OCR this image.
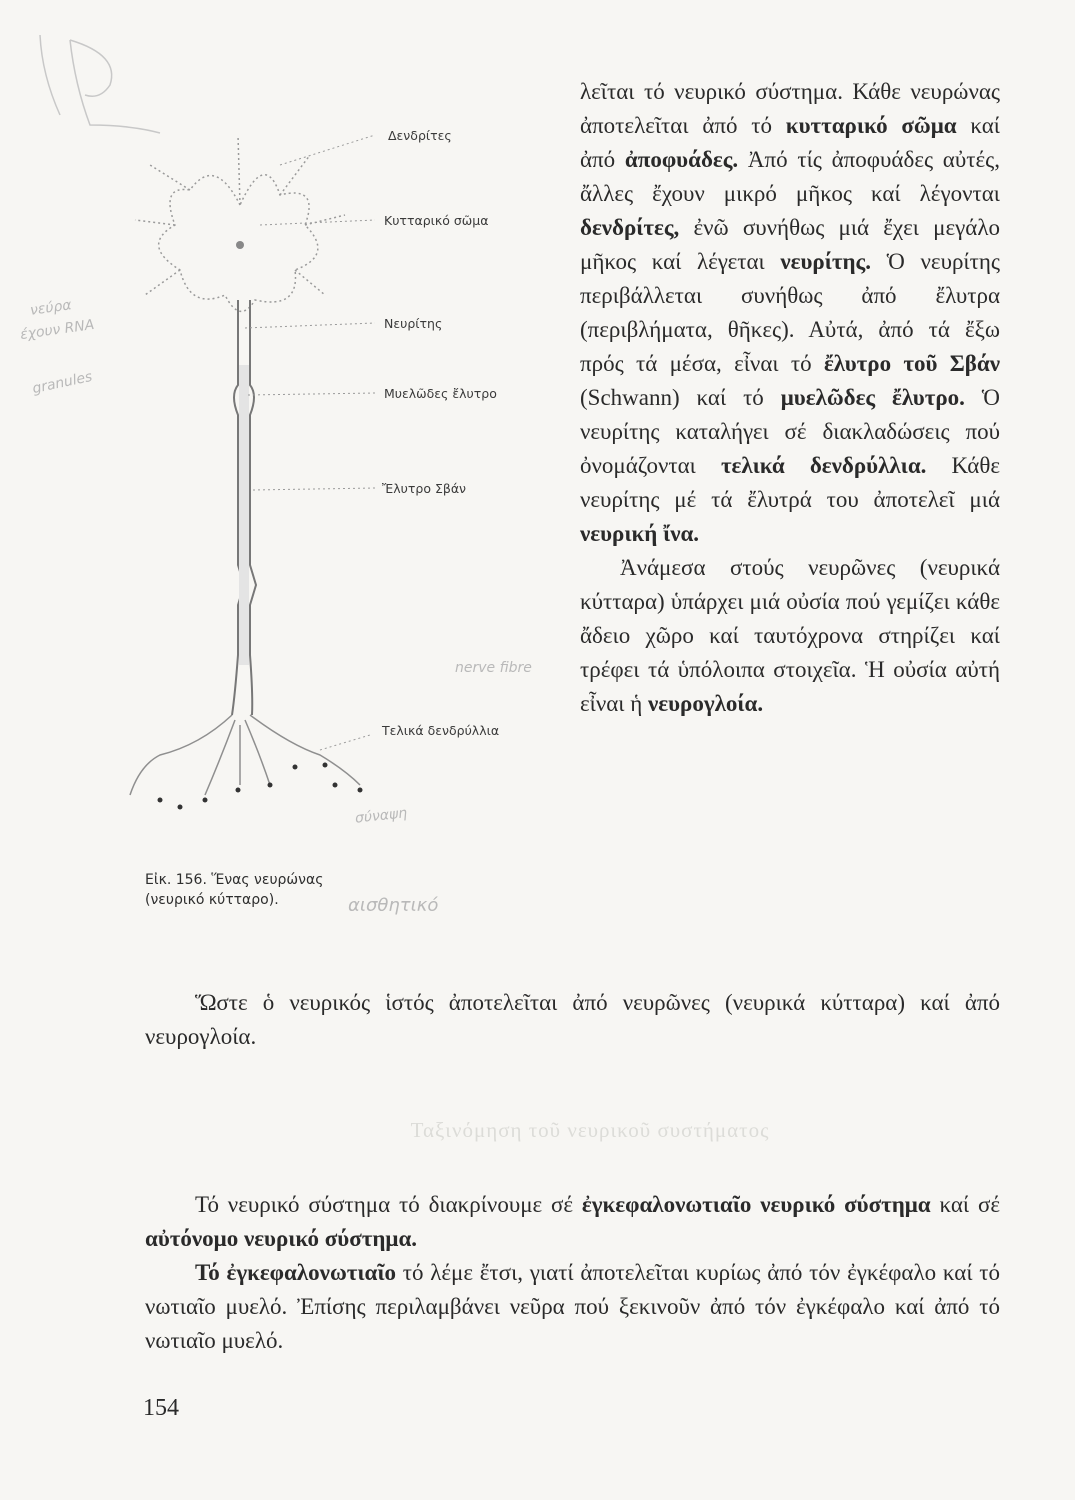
Ταξινόμηση τοῦ νευρικοῦ συστήματος
Δενδρίτες
Κυτταρικό σῶμα
Νευρίτης
Μυελῶδες ἔλυτρο
Ἔλυτρο Σβάν
Τελικά δενδρύλλια
Εἰκ. 156. Ἕνας νευρώνας
(νευρικό κύτταρο).
νεύρα
έχουν RNA
granules
nerve fibre
σύναψη
αισθητικό

λεῖται τό νευρικό σύστημα. Κάθε νευρώνας ἀποτελεῖται ἀπό τό κυτταρικό σῶμα καί ἀπό ἀποφυάδες. Ἀπό τίς ἀποφυάδες αὐτές, ἄλλες ἔχουν μικρό μῆκος καί λέγονται δενδρίτες, ἐνῶ συνήθως μιά ἔχει μεγάλο μῆκος καί λέγεται νευρίτης. Ὁ νευρίτης περιβάλλεται συνήθως ἀπό ἔλυτρα (περιβλήματα, θῆκες). Αὐτά, ἀπό τά ἔξω πρός τά μέσα, εἶναι τό ἔλυτρο τοῦ Σβάν (Schwann) καί τό μυελῶδες ἔλυτρο. Ὁ νευρίτης καταλήγει σέ διακλαδώσεις πού ὀνομάζονται τελικά δενδρύλλια. Κάθε νευρίτης μέ τά ἔλυτρά του ἀποτελεῖ μιά νευρική ἴνα.

Ἀνάμεσα στούς νευρῶνες (νευρικά κύτταρα) ὑπάρχει μιά οὐσία πού γεμίζει κάθε ἄδειο χῶρο καί ταυτόχρονα στηρίζει καί τρέφει τά ὑπόλοιπα στοιχεῖα. Ἡ οὐσία αὐτή εἶναι ἡ νευρογλοία.

Ὥστε ὁ νευρικός ἱστός ἀποτελεῖται ἀπό νευρῶνες (νευρικά κύτταρα) καί ἀπό νευρογλοία.

Τό νευρικό σύστημα τό διακρίνουμε σέ ἐγκεφαλονωτιαῖο νευρικό σύστημα καί σέ αὐτόνομο νευρικό σύστημα.

Τό ἐγκεφαλονωτιαῖο τό λέμε ἔτσι, γιατί ἀποτελεῖται κυρίως ἀπό τόν ἐγκέφαλο καί τό νωτιαῖο μυελό. Ἐπίσης περιλαμβάνει νεῦρα πού ξεκινοῦν ἀπό τόν ἐγκέφαλο καί ἀπό τό νωτιαῖο μυελό.

154
